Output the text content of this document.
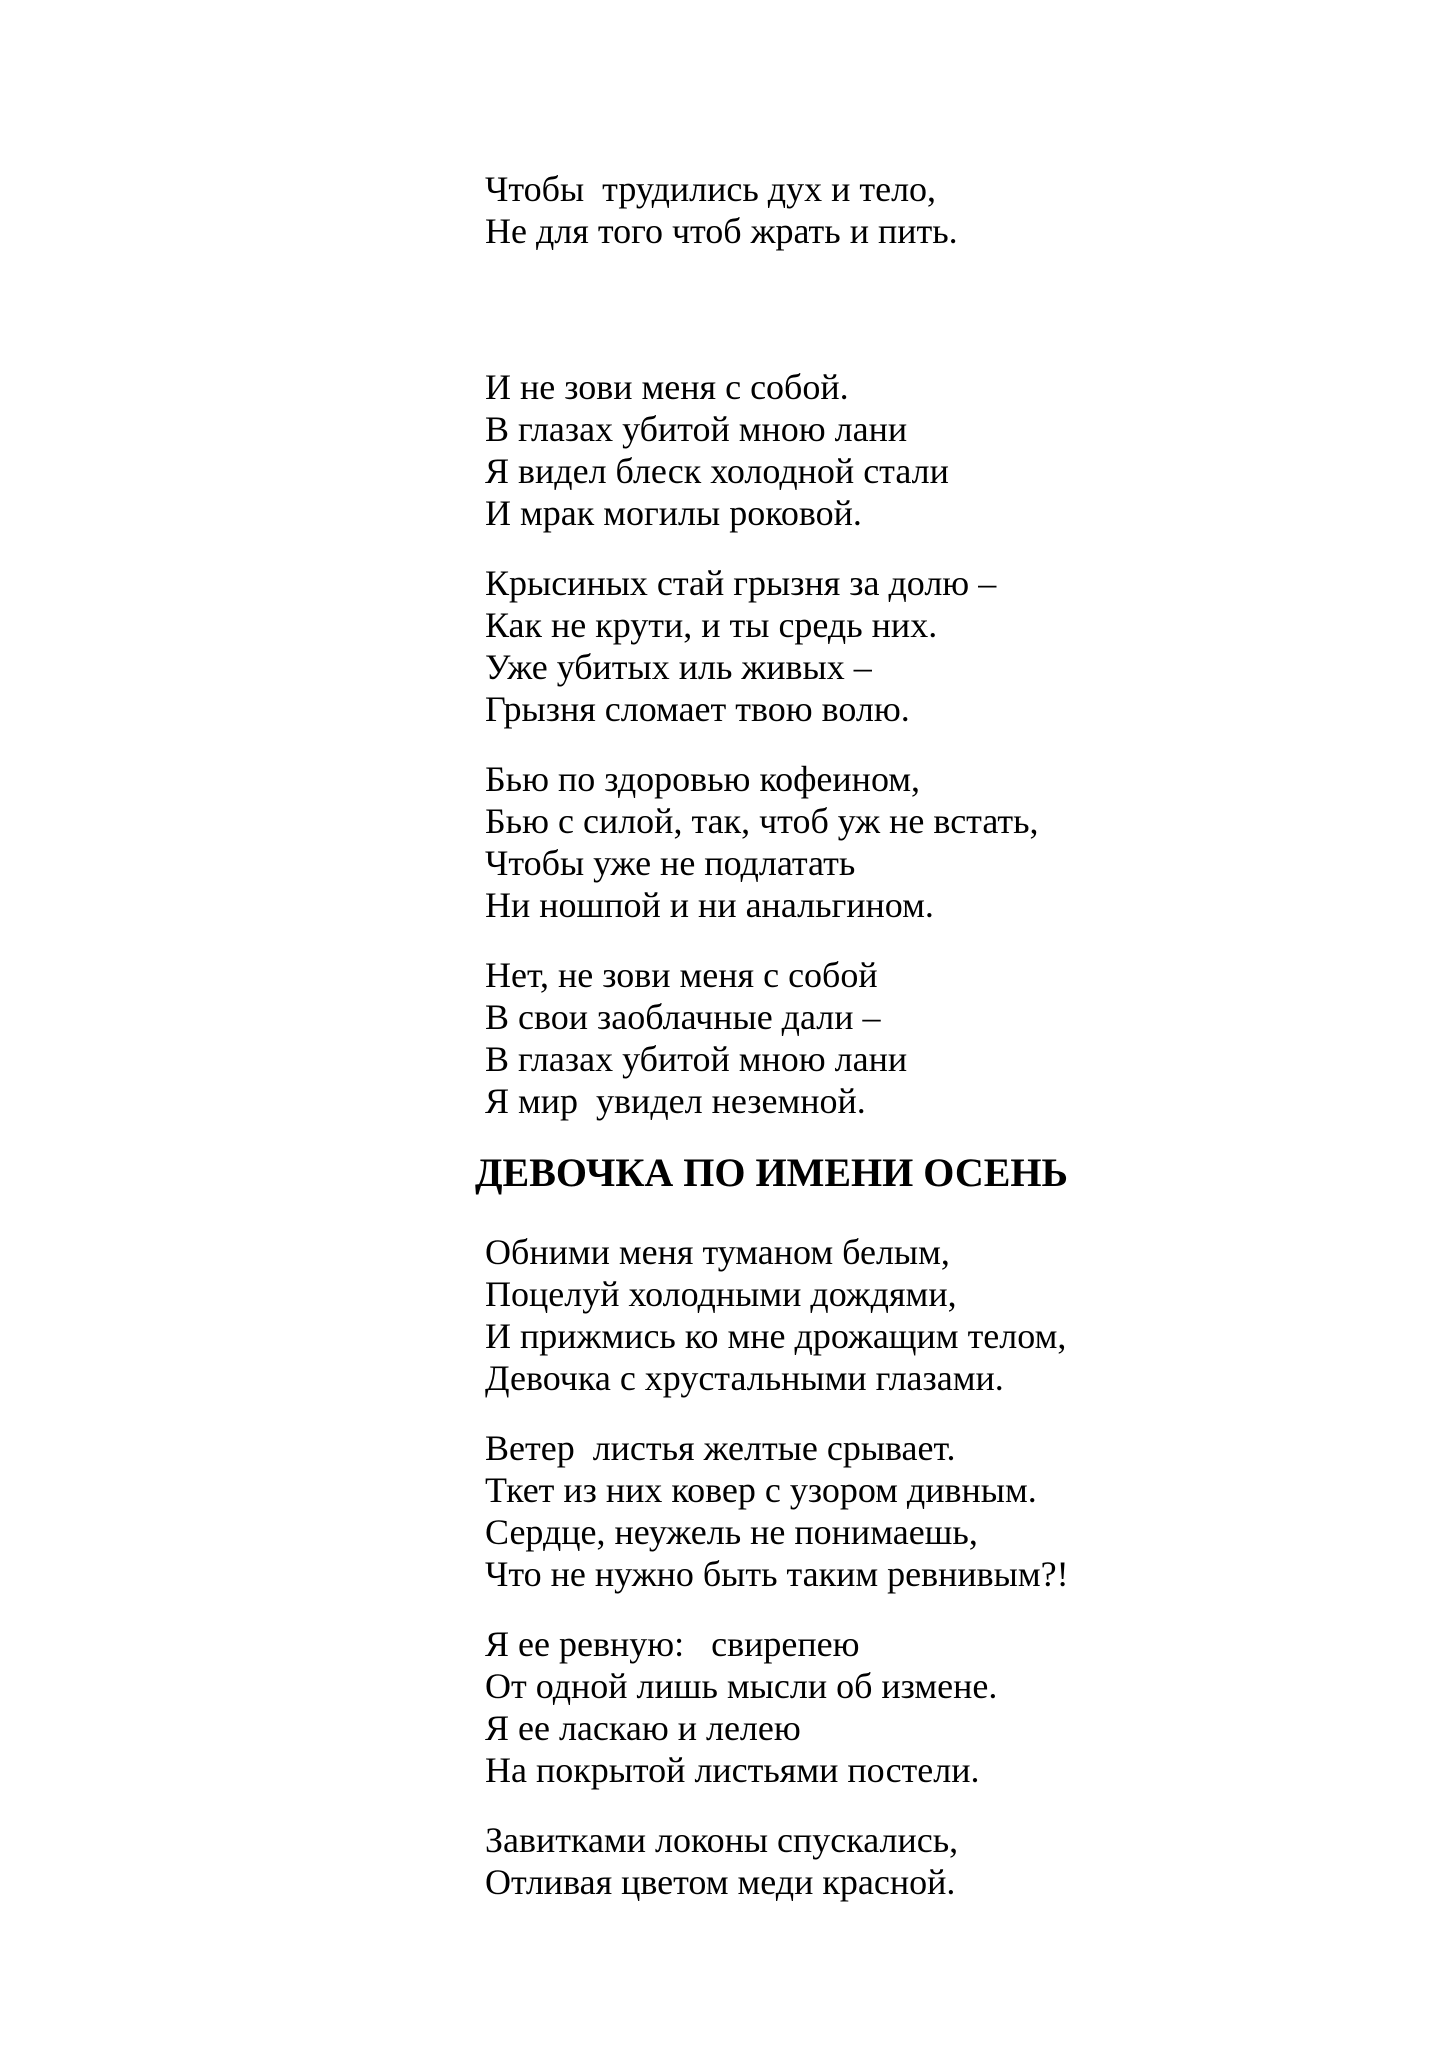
Чтобы  трудились дух и тело,
Не для того чтоб жрать и пить.
И не зови меня с собой.
В глазах убитой мною лани
Я видел блеск холодной стали
И мрак могилы роковой.
Крысиных стай грызня за долю –
Как не крути, и ты средь них.
Уже убитых иль живых –
Грызня сломает твою волю.
Бью по здоровью кофеином,
Бью с силой, так, чтоб уж не встать,
Чтобы уже не подлатать
Ни ношпой и ни анальгином.
Нет, не зови меня с собой
В свои заоблачные дали –
В глазах убитой мною лани
Я мир  увидел неземной.
ДЕВОЧКА ПО ИМЕНИ ОСЕНЬ
Обними меня туманом белым,
Поцелуй холодными дождями,
И прижмись ко мне дрожащим телом,
Девочка с хрустальными глазами.
Ветер  листья желтые срывает.
Ткет из них ковер с узором дивным.
Сердце, неужель не понимаешь,
Что не нужно быть таким ревнивым?!
Я ее ревную:   свирепею
От одной лишь мысли об измене.
Я ее ласкаю и лелею
На покрытой листьями постели.
Завитками локоны спускались,
Отливая цветом меди красной.
